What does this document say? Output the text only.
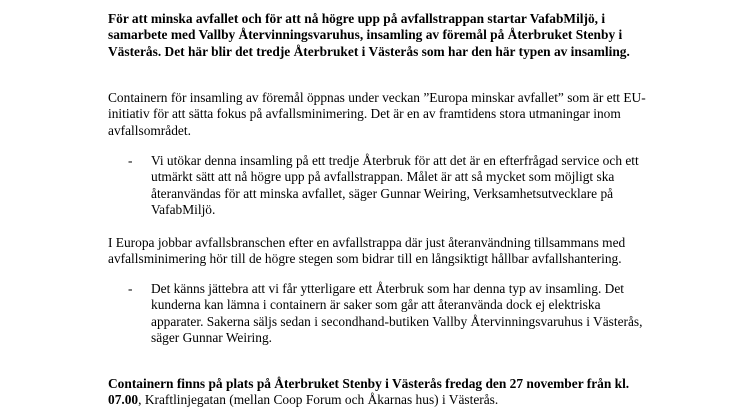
För att minska avfallet och för att nå högre upp på avfallstrappan startar VafabMiljö, i samarbete med Vallby Återvinningsvaruhus, insamling av föremål på Återbruket Stenby i Västerås. Det här blir det tredje Återbruket i Västerås som har den här typen av insamling.

Containern för insamling av föremål öppnas under veckan ”Europa minskar avfallet” som är ett EU-initiativ för att sätta fokus på avfallsminimering. Det är en av framtidens stora utmaningar inom avfallsområdet.

- Vi utökar denna insamling på ett tredje Återbruk för att det är en efterfrågad service och ett utmärkt sätt att nå högre upp på avfallstrappan. Målet är att så mycket som möjligt ska återanvändas för att minska avfallet, säger Gunnar Weiring, Verksamhetsutvecklare på VafabMiljö.

I Europa jobbar avfallsbranschen efter en avfallstrappa där just återanvändning tillsammans med avfallsminimering hör till de högre stegen som bidrar till en långsiktigt hållbar avfallshantering.

- Det känns jättebra att vi får ytterligare ett Återbruk som har denna typ av insamling. Det kunderna kan lämna i containern är saker som går att återanvända dock ej elektriska apparater. Sakerna säljs sedan i secondhand-butiken Vallby Återvinningsvaruhus i Västerås, säger Gunnar Weiring.

Containern finns på plats på Återbruket Stenby i Västerås fredag den 27 november från kl. 07.00, Kraftlinjegatan (mellan Coop Forum och Åkarnas hus) i Västerås.
